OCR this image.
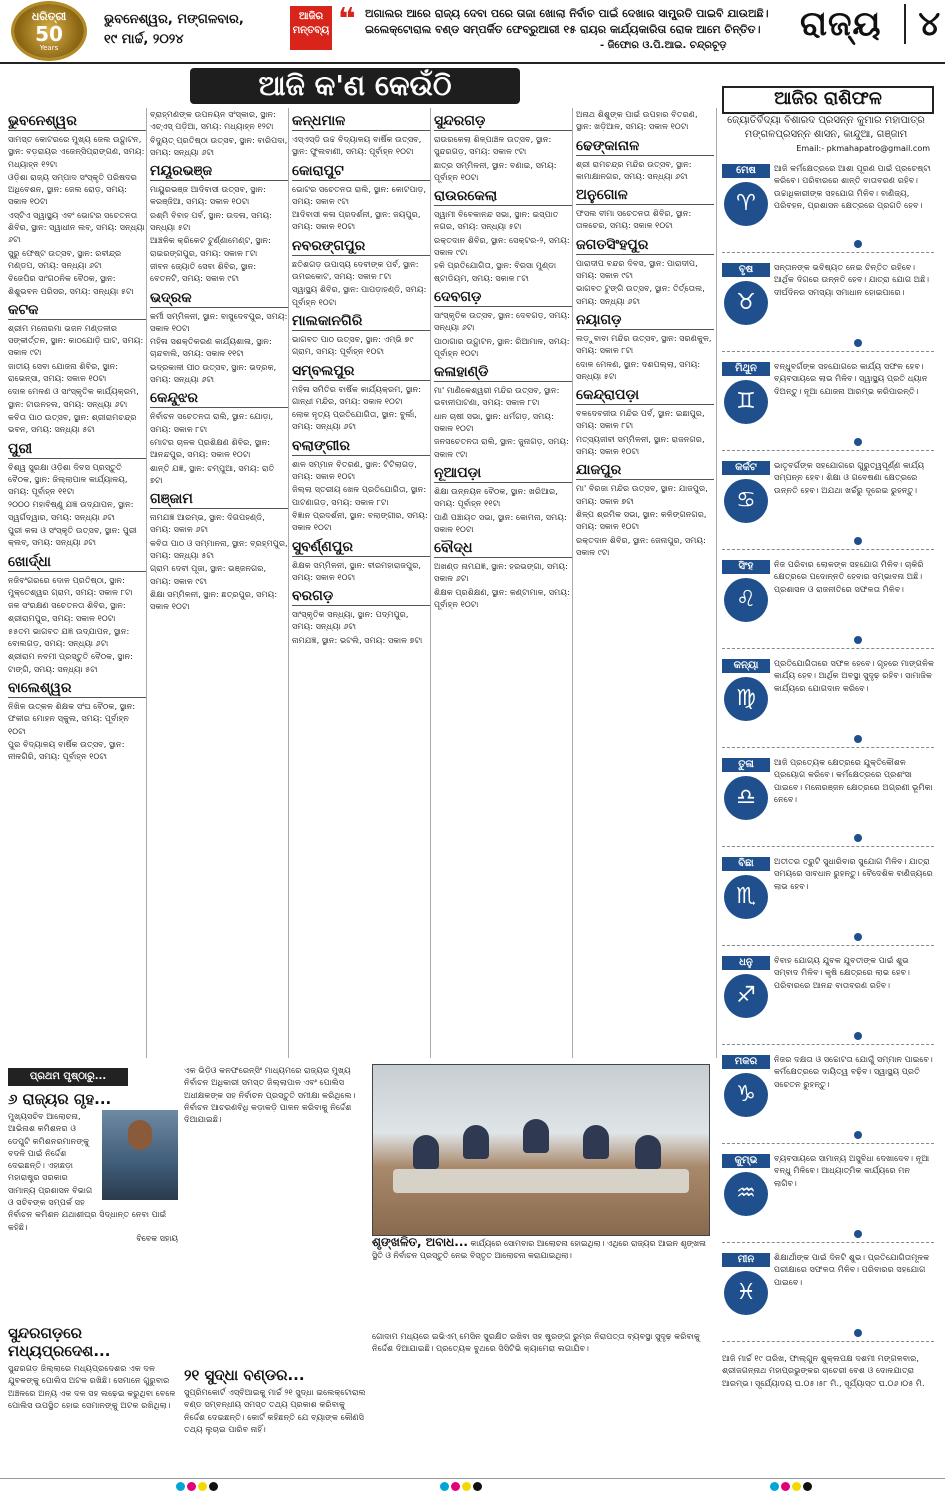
ଧରିତ୍ରୀ
50
Years
ଭୁବନେଶ୍ୱର, ମଙ୍ଗଳବାର,
୧୯ ମାର୍ଚ୍ଚ, ୨୦୨୪
ଆଜିର ମନ୍ତବ୍ୟ ❝ ଅଗାଲର ଆରେ ରାଜ୍ୟ ଦେବା ପରେ ତାଜା ଖୋଲା ନିର୍ବାଚ ପାଇଁ ଦେଖାର ସାମ୍ପ୍ରତି ପାଇବି ଯାଉଅଛି। ଇଲେକ୍ଟୋରାଲ ବଣ୍ଡ ସମ୍ପର୍କିତ ଫେବ୍ରୁଆରୀ ୧୫ ରାୟର କାର୍ଯ୍ୟକାରିତା ରୋକ ଆମେ ଚିନ୍ତିତ।
- ଜିଫୋର ଓ.ପି.ଆଇ. ଚନ୍ଦ୍ରଚୂଡ଼
ରାଜ୍ୟ ୪
ଆଜି କ'ଣ କେଉଁଠି
ଭୁବନେଶ୍ୱର

ସାମସ୍ତ କୋଟରରେ ମୁଖ୍ୟ ଜେଲ ଉଦ୍ଘାଟନ, ସ୍ଥାନ: ବଡ଼ରାୟର ଏଜେନ୍ସିପ୍ରାଙ୍ଗଣ, ସମୟ: ମଧ୍ୟାହ୍ନ ୧୨ଟା

ଓଡ଼ିଶା ରାଜ୍ୟ ସମ୍ପାଦ ସଂସ୍କୃତି ପରିଷଦର ଅଧିବେଶନ, ସ୍ଥାନ: ଜେଲ ରୋଡ଼, ସମୟ: ସକାଳ ୧୦ଟା

ଏସ୍‌ଟିଏ ସ୍ୱାସ୍ଥ୍ୟ ଏବଂ ଭୋଟର ସଚେତନତା ଶିବିର, ସ୍ଥାନ: ସ୍ୱାଧୀନ ଲବ୍, ସମୟ: ସନ୍ଧ୍ୟା ୬ଟା

ସୁରୁ ଫେଷ୍ଟ ଉତ୍ସବ, ସ୍ଥାନ: ରବୀନ୍ଦ୍ର ମଣ୍ଡପ, ସମୟ: ସନ୍ଧ୍ୟା ୬ଟା

ବିଜେପିର ସାଂଗଠନିକ ବୈଠକ, ସ୍ଥାନ: ଶିଶୁଭବନ ପରିସର, ସମୟ: ସନ୍ଧ୍ୟା ୫ଟା

କଟକ

ଶ୍ରୀମ ମନୋରମା ଭଜନ ମଣ୍ଡଳୀର ସଙ୍କୀର୍ତ୍ତନ, ସ୍ଥାନ: କାଠଯୋଡ଼ି ଘାଟ, ସମୟ: ସକାଳ ୯ଟା

ଜାତୀୟ ସେବା ଯୋଜନା ଶିବିର, ସ୍ଥାନ: ରାଭେନ୍ସା, ସମୟ: ସକାଳ ୧୦ଟା

ଦୋଳ ମେଳଣ ଓ ସାଂସ୍କୃତିକ କାର୍ଯ୍ୟକ୍ରମ, ସ୍ଥାନ: ଟାଉନହଲ, ସମୟ: ସନ୍ଧ୍ୟା ୬ଟା

କବିତା ପାଠ ଉତ୍ସବ, ସ୍ଥାନ: ଶ୍ରୀରାମଚନ୍ଦ୍ର ଭବନ, ସମୟ: ସନ୍ଧ୍ୟା ୫ଟା

ପୁରୀ

ବିଶ୍ୱ ସୁରକ୍ଷା ଓଡ଼ିଶା ଦିବସ ପ୍ରସ୍ତୁତି ବୈଠକ, ସ୍ଥାନ: ଜିଲ୍ଲାପାଳ କାର୍ଯ୍ୟାଳୟ, ସମୟ: ପୂର୍ବାହ୍ନ ୧୧ଟା

୨୦୦୦ ମହାବିଷ୍ଣୁ ଯଜ୍ଞ ଉଦ୍ଯାପନ, ସ୍ଥାନ: ସ୍ୱର୍ଗଦ୍ୱାର, ସମୟ: ସନ୍ଧ୍ୟା ୬ଟା

ପୁରୀ କଳା ଓ ସଂସ୍କୃତି ଉତ୍ସବ, ସ୍ଥାନ: ପୁରୀ କ୍ଲବ୍, ସମୟ: ସନ୍ଧ୍ୟା ୬ଟା

ଖୋର୍ଦ୍ଧା

ନଜିବଂଗରରେ ଦୋଳ ପ୍ରତିଷ୍ଠା, ସ୍ଥାନ: ମୁକ୍ତେଶ୍ୱର ଗ୍ରାମ, ସମୟ: ସକାଳ ୮ଟା

ଜଳ ସଂରକ୍ଷଣ ସଚେତନତା ଶିବିର, ସ୍ଥାନ: ଶ୍ରୀରାମପୁର, ସମୟ: ସକାଳ ୧୦ଟା

୫୫ତମ ଭାଗବତ ଯଜ୍ଞ ଉଦ୍ଯାପନ, ସ୍ଥାନ: ବୋଲଗଡ଼, ସମୟ: ସନ୍ଧ୍ୟା ୬ଟା

ଶ୍ରୀରାମ ନବମୀ ପ୍ରସ୍ତୁତି ବୈଠକ, ସ୍ଥାନ: ଟାଙ୍ଗି, ସମୟ: ସନ୍ଧ୍ୟା ୫ଟା

ବାଲେଶ୍ୱର

ନିଖିଳ ଉତ୍କଳ ଶିକ୍ଷକ ସଂଘ ବୈଠକ, ସ୍ଥାନ: ଫକୀର ମୋହନ ସ୍କୁଲ, ସମୟ: ପୂର୍ବାହ୍ନ ୧୦ଟା

ପୁର ବିଦ୍ୟାଳୟ ବାର୍ଷିକ ଉତ୍ସବ, ସ୍ଥାନ: ନୀଳଗିରି, ସମୟ: ପୂର୍ବାହ୍ନ ୧୦ଟା

ବ୍ରାହ୍ମଣଙ୍କ ଉପନୟନ ସଂସ୍କାର, ସ୍ଥାନ: ଏଚ୍‌ଏସ୍‌ ପଡ଼ିଆ, ସମୟ: ମଧ୍ୟାହ୍ନ ୧୨ଟା

ବିଦ୍ୟୁତ୍‌ ପ୍ରତିଷ୍ଠା ଉତ୍ସବ, ସ୍ଥାନ: ବାରିପଦା, ସମୟ: ସନ୍ଧ୍ୟା ୬ଟା

ମୟୂରଭଞ୍ଜ

ମାୟୁରଭଞ୍ଜ ଆଦିବାସୀ ଉତ୍ସବ, ସ୍ଥାନ: କରଞ୍ଜିଆ, ସମୟ: ସକାଳ ୧୦ଟା

ରଶ୍ମି ବିବାହ ପର୍ବ, ସ୍ଥାନ: ଉଦଳା, ସମୟ: ସନ୍ଧ୍ୟା ୫ଟା

ଆଞ୍ଚଳିକ କ୍ରିକେଟ ଟୁର୍ଣ୍ଣାମେଣ୍ଟ, ସ୍ଥାନ: ରାଇରଙ୍ଗପୁର, ସମୟ: ସକାଳ ୮ଟା

ଜୀବନ ଜ୍ୟୋତି ସେବା ଶିବିର, ସ୍ଥାନ: ବେତନଟି, ସମୟ: ସକାଳ ୯ଟା

ଭଦ୍ରକ

କର୍ମୀ ସମ୍ମିଳନୀ, ସ୍ଥାନ: ବାସୁଦେବପୁର, ସମୟ: ସକାଳ ୧୦ଟା

ମହିଳା ସଶକ୍ତିକରଣ କାର୍ଯ୍ୟଶାଳା, ସ୍ଥାନ: ଚାନ୍ଦବାଲି, ସମୟ: ସକାଳ ୧୧ଟା

ଭଦ୍ରକାଳୀ ପୀଠ ଉତ୍ସବ, ସ୍ଥାନ: ଭଦ୍ରକ, ସମୟ: ସନ୍ଧ୍ୟା ୬ଟା

କେନ୍ଦୁଝର

ନିର୍ବାଚନ ସଚେତନତା ରାଲି, ସ୍ଥାନ: ଯୋଡ଼ା, ସମୟ: ସକାଳ ୮ଟା

ମୋଟର ଚାଳକ ପ୍ରଶିକ୍ଷଣ ଶିବିର, ସ୍ଥାନ: ଆନନ୍ଦପୁର, ସମୟ: ସକାଳ ୧୦ଟା

ଶାନ୍ତି ଯଜ୍ଞ, ସ୍ଥାନ: ଚମ୍ପୁଆ, ସମୟ: ରାତି ୭ଟା

ଗଞ୍ଜାମ

ନାମଯଜ୍ଞ ଆରମ୍ଭ, ସ୍ଥାନ: ଦିଗପହଣ୍ଡି, ସମୟ: ସକାଳ ୬ଟା

କବିତା ପାଠ ଓ ସମ୍ମାନନା, ସ୍ଥାନ: ବ୍ରହ୍ମପୁର, ସମୟ: ସନ୍ଧ୍ୟା ୫ଟା

ଗ୍ରାମ ଦେବୀ ପୂଜା, ସ୍ଥାନ: ଭଞ୍ଜନଗର, ସମୟ: ସକାଳ ୯ଟା

ଶିକ୍ଷା ସମ୍ମିଳନୀ, ସ୍ଥାନ: ଛତ୍ରପୁର, ସମୟ: ସକାଳ ୧୦ଟା

କନ୍ଧମାଳ

ଏସ୍‌ଏସ୍‌ଡି ଉଚ୍ଚ ବିଦ୍ୟାଳୟ ବାର୍ଷିକ ଉତ୍ସବ, ସ୍ଥାନ: ଫୁଲବାଣୀ, ସମୟ: ପୂର୍ବାହ୍ନ ୧୦ଟା

କୋରାପୁଟ

ଭୋଟର ସଚେତନତା ରାଲି, ସ୍ଥାନ: କୋଟପାଡ଼, ସମୟ: ସକାଳ ୯ଟା

ଆଦିବାସୀ କଳା ପ୍ରଦର୍ଶନୀ, ସ୍ଥାନ: ଜୟପୁର, ସମୟ: ସକାଳ ୧୦ଟା

ନବରଙ୍ଗପୁର

ଛତିଶଗଡ଼ ଉପାସ୍ୟ ଦେବୀଙ୍କ ପର୍ବ, ସ୍ଥାନ: ଉମରକୋଟ, ସମୟ: ସକାଳ ୮ଟା

ସ୍ୱାସ୍ଥ୍ୟ ଶିବିର, ସ୍ଥାନ: ପାପଡ଼ାହଣ୍ଡି, ସମୟ: ପୂର୍ବାହ୍ନ ୧୦ଟା

ମାଲକାନଗିରି

ଭାଗବତ ପାଠ ଉତ୍ସବ, ସ୍ଥାନ: ଏମ୍‌ଭି ୭୯ ଗ୍ରାମ, ସମୟ: ପୂର୍ବାହ୍ନ ୧୦ଟା

ସମ୍ବଲପୁର

ମହିଳା ସମିତିର ବାର୍ଷିକ କାର୍ଯ୍ୟକ୍ରମ, ସ୍ଥାନ: ଗାନ୍ଧୀ ମନ୍ଦିର, ସମୟ: ସକାଳ ୧୦ଟା

ଲୋକ ନୃତ୍ୟ ପ୍ରତିଯୋଗିତା, ସ୍ଥାନ: ବୁର୍ଲା, ସମୟ: ସନ୍ଧ୍ୟା ୬ଟା

ବଲାଙ୍ଗୀର

ଶାଳ ସମ୍ମାନ ବିତରଣ, ସ୍ଥାନ: ଟିଟିଲାଗଡ଼, ସମୟ: ସକାଳ ୧୦ଟା

ଜିଲ୍ଲା ସ୍ତରୀୟ ଖେଳ ପ୍ରତିଯୋଗିତା, ସ୍ଥାନ: ପାଟଣାଗଡ଼, ସମୟ: ସକାଳ ୮ଟା

ବିଜ୍ଞାନ ପ୍ରଦର୍ଶନୀ, ସ୍ଥାନ: ବଲାଙ୍ଗୀର, ସମୟ: ସକାଳ ୧୦ଟା

ସୁବର୍ଣ୍ଣପୁର

ଶିକ୍ଷକ ସମ୍ମିଳନୀ, ସ୍ଥାନ: ବୀରମହାରାଜପୁର, ସମୟ: ସକାଳ ୧୦ଟା

ବରଗଡ଼

ସାଂସ୍କୃତିକ ସନ୍ଧ୍ୟା, ସ୍ଥାନ: ପଦ୍ମପୁର, ସମୟ: ସନ୍ଧ୍ୟା ୬ଟା

ନାମଯଜ୍ଞ, ସ୍ଥାନ: ଭଟଲି, ସମୟ: ସକାଳ ୭ଟା

ସୁନ୍ଦରଗଡ଼

ରାଉରକେଲା ଶିଳ୍ପାଞ୍ଚଳ ଉତ୍ସବ, ସ୍ଥାନ: ସୁନ୍ଦରଗଡ଼, ସମୟ: ସକାଳ ୯ଟା

ଛାତ୍ର ସମ୍ମିଳନୀ, ସ୍ଥାନ: ବଣାଇ, ସମୟ: ପୂର୍ବାହ୍ନ ୧୦ଟା

ରାଉରକେଲା

ସ୍ୱାମୀ ବିବେକାନନ୍ଦ ସଭା, ସ୍ଥାନ: ଇସ୍ପାତ ନଗର, ସମୟ: ସନ୍ଧ୍ୟା ୫ଟା

ରକ୍ତଦାନ ଶିବିର, ସ୍ଥାନ: ସେକ୍ଟର-୨, ସମୟ: ସକାଳ ୯ଟା

ହକି ପ୍ରତିଯୋଗିତା, ସ୍ଥାନ: ବିରସା ମୁଣ୍ଡା ଷ୍ଟାଡିୟମ, ସମୟ: ସକାଳ ୮ଟା

ଦେବଗଡ଼

ସାଂସ୍କୃତିକ ଉତ୍ସବ, ସ୍ଥାନ: ଦେବଗଡ଼, ସମୟ: ସନ୍ଧ୍ୟା ୬ଟା

ପାଠାଗାର ଉଦ୍ଘାଟନ, ସ୍ଥାନ: ରିଆମାଳ, ସମୟ: ପୂର୍ବାହ୍ନ ୧୦ଟା

କଳାହାଣ୍ଡି

ମା' ମାଣିକେଶ୍ୱରୀ ମନ୍ଦିର ଉତ୍ସବ, ସ୍ଥାନ: ଭବାନୀପାଟଣା, ସମୟ: ସକାଳ ୮ଟା

ଧାନ ଚାଷୀ ସଭା, ସ୍ଥାନ: ଧର୍ମଗଡ଼, ସମୟ: ସକାଳ ୧୦ଟା

ଜନସଚେତନତା ରାଲି, ସ୍ଥାନ: ଜୁନାଗଡ଼, ସମୟ: ସକାଳ ୯ଟା

ନୂଆପଡ଼ା

ଶିକ୍ଷା ଉନ୍ନୟନ ବୈଠକ, ସ୍ଥାନ: ଖରିଆର, ସମୟ: ପୂର୍ବାହ୍ନ ୧୧ଟା

ପାଣି ପଞ୍ଚାୟତ ସଭା, ସ୍ଥାନ: କୋମନା, ସମୟ: ସକାଳ ୧୦ଟା

ବୌଦ୍ଧ

ଅଖଣ୍ଡ ନାମଯଜ୍ଞ, ସ୍ଥାନ: ହରଭଙ୍ଗା, ସମୟ: ସକାଳ ୬ଟା

ଶିକ୍ଷକ ପ୍ରଶିକ୍ଷଣ, ସ୍ଥାନ: କଣ୍ଟାମାଳ, ସମୟ: ପୂର୍ବାହ୍ନ ୧୦ଟା

ଅନାଥ ଶିଶୁଙ୍କ ପାଇଁ ଉପହାର ବିତରଣ, ସ୍ଥାନ: ଖଡ଼ିଆଳ, ସମୟ: ସକାଳ ୧୦ଟା

ଢେଙ୍କାନାଳ

ଶ୍ରୀ ରାମଚନ୍ଦ୍ର ମନ୍ଦିର ଉତ୍ସବ, ସ୍ଥାନ: କାମାକ୍ଷାନଗର, ସମୟ: ସନ୍ଧ୍ୟା ୬ଟା

ଅନୁଗୋଳ

ଫସଲ ବୀମା ସଚେତନତା ଶିବିର, ସ୍ଥାନ: ତାଳଚେର, ସମୟ: ସକାଳ ୧୦ଟା

ଜଗତସିଂହପୁର

ପାରାଦୀପ ବନ୍ଦର ଦିବସ, ସ୍ଥାନ: ପାରାଦୀପ, ସମୟ: ସକାଳ ୯ଟା

ଭାଗବତ ଟୁଙ୍ଗି ଉତ୍ସବ, ସ୍ଥାନ: ତିର୍ତ୍ତୋଲ, ସମୟ: ସନ୍ଧ୍ୟା ୬ଟା

ନୟାଗଡ଼

ଲଡ଼ୁବାବା ମନ୍ଦିର ଉତ୍ସବ, ସ୍ଥାନ: ସରଣକୁଳ, ସମୟ: ସକାଳ ୮ଟା

ଦୋଳ ମେଳଣ, ସ୍ଥାନ: ଦଶପଲ୍ଲା, ସମୟ: ସନ୍ଧ୍ୟା ୫ଟା

କେନ୍ଦ୍ରାପଡ଼ା

ବଳଦେବଜୀଉ ମନ୍ଦିର ପର୍ବ, ସ୍ଥାନ: ଇଛାପୁର, ସମୟ: ସକାଳ ୮ଟା

ମତ୍ସ୍ୟଜୀବୀ ସମ୍ମିଳନୀ, ସ୍ଥାନ: ରାଜନଗର, ସମୟ: ସକାଳ ୧୦ଟା

ଯାଜପୁର

ମା' ବିରଜା ମନ୍ଦିର ଉତ୍ସବ, ସ୍ଥାନ: ଯାଜପୁର, ସମୟ: ସକାଳ ୭ଟା

ଶିଳ୍ପ ଶ୍ରମିକ ସଭା, ସ୍ଥାନ: କଳିଙ୍ଗନଗର, ସମୟ: ସକାଳ ୧୦ଟା

ରକ୍ତଦାନ ଶିବିର, ସ୍ଥାନ: ଜେନାପୁର, ସମୟ: ସକାଳ ୯ଟା

ପ୍ରଥମ ପୃଷ୍ଠାରୁ...
୬ ରାଜ୍ୟର ଗୃହ...
ମୁଖ୍ୟସଚିବ ଆଲୋଚନା, ଆଭିନାଶ କମିଶନର ଓ ଡେପୁଟି କମିଶନରମାନଙ୍କୁ ବଦଳି ପାଇଁ ନିର୍ଦ୍ଦେଶ ଦେଇଛନ୍ତି। ଏହାଛଡ଼ା ମହାରାଷ୍ଟ୍ର ସରକାର ସାମାନ୍ୟ ପ୍ରଶାସନ ବିଭାଗ ଓ ସଚିବଙ୍କ ସମ୍ପର୍କ ସହ ନିର୍ବାଚନ କମିଶନ ଯଥାଶୀଘ୍ର ସିଦ୍ଧାନ୍ତ ନେବା ପାଇଁ କହିଛି।
ବିବେକ ସହାୟ
ସୁନ୍ଦରଗଡ଼ରେ ମଧ୍ୟପ୍ରଦେଶ...
ସୁନ୍ଦରଗଡ଼ ଜିଲ୍ଲାରେ ମଧ୍ୟପ୍ରଦେଶର ଏକ ଦଳ ଯୁବକଙ୍କୁ ପୋଲିସ ଅଟକ ରଖିଛି। ସେମାନେ ଗୁରୁବାର ଅଞ୍ଚଳରେ ଅନ୍ୟ ଏକ ଦଳ ସହ ଲଢ଼େଇ କରୁଥିବା ବେଳେ ପୋଲିସ ଉପସ୍ଥିତ ହୋଇ ସେମାନଙ୍କୁ ଅଟକ ରଖିଥିଲା।
ଏକ ଭିଡ଼ିଓ କନଫରେନ୍ସିଂ ମାଧ୍ୟମରେ ରାଜ୍ୟର ମୁଖ୍ୟ ନିର୍ବାଚନ ଅଧିକାରୀ ସମସ୍ତ ଜିଲ୍ଲାପାଳ ଏବଂ ପୋଲିସ ଅଧୀକ୍ଷକଙ୍କ ସହ ନିର୍ବାଚନ ପ୍ରସ୍ତୁତି ସମୀକ୍ଷା କରିଥିଲେ। ନିର୍ବାଚନ ଆଚରଣବିଧି କଡ଼ାକଡ଼ି ପାଳନ କରିବାକୁ ନିର୍ଦ୍ଦେଶ ଦିଆଯାଇଛି।
୨୧ ସୁଦ୍ଧା ବଣ୍ଡର...
ସୁପ୍ରିମକୋର୍ଟ ଏସ୍‌ବିଆଇକୁ ମାର୍ଚ୍ଚ ୨୧ ସୁଦ୍ଧା ଇଲେକ୍ଟୋରାଲ ବଣ୍ଡ ସମ୍ବନ୍ଧୀୟ ସମସ୍ତ ତଥ୍ୟ ପ୍ରକାଶ କରିବାକୁ ନିର୍ଦ୍ଦେଶ ଦେଇଛନ୍ତି। କୋର୍ଟ କହିଛନ୍ତି ଯେ ବ୍ୟାଙ୍କ କୌଣସି ତଥ୍ୟ ଲୁଚାଇ ପାରିବ ନାହିଁ।
ଶୃଙ୍ଖଳିତ, ଅବାଧ... କାର୍ଯ୍ୟରେ ସୋମବାର ଆଲୋଚନା ହୋଇଥିଲା। ଏଥିରେ ରାଜ୍ୟର ଆଇନ ଶୃଙ୍ଖଳା ସ୍ଥିତି ଓ ନିର୍ବାଚନ ପ୍ରସ୍ତୁତି ନେଇ ବିସ୍ତୃତ ଆଲୋଚନା କରାଯାଇଥିଲା।
ଗୋଦାମ ମଧ୍ୟରେ ଇଭିଏମ୍ ମେସିନ ସୁରକ୍ଷିତ ରଖିବା ସହ ଷ୍ଟ୍ରଙ୍ଗ ରୁମ୍‌ର ନିରାପତ୍ତା ବ୍ୟବସ୍ଥା ସୁଦୃଢ଼ କରିବାକୁ ନିର୍ଦ୍ଦେଶ ଦିଆଯାଇଛି। ପ୍ରତ୍ୟେକ ବୁଥରେ ସିସିଟିଭି କ୍ୟାମେରା ଲଗାଯିବ।
ଆଜିର ରାଶିଫଳ
ଜ୍ୟୋତିର୍ବିଦ୍ୟା ବିଶାରଦ ପ୍ରସନ୍ନ କୁମାର ମହାପାତ୍ର
ମଙ୍ଗଳପ୍ରସନ୍ନ ଶାସନ, କାନ୍ଦୁଆ, ଗଞ୍ଜାମ
Email:- pkmahapatro@gmail.com
ମେଷ
♈
ଆଜି କର୍ମକ୍ଷେତ୍ରରେ ଆଶା ପୂରଣ ପାଇଁ ପ୍ରଚେଷ୍ଟା କରିବେ। ପରିବାରରେ ଶାନ୍ତି ବାତାବରଣ ରହିବ। ଉଚ୍ଚାଧିକାରୀଙ୍କ ସହଯୋଗ ମିଳିବ। ବାଣିଜ୍ୟ, ପରିବହନ, ପ୍ରଶାସନ କ୍ଷେତ୍ରରେ ପ୍ରଗତି ହେବ।
ବୃଷ
♉
ସନ୍ତାନଙ୍କ ଭବିଷ୍ୟତ ନେଇ ଚିନ୍ତିତ ରହିବେ। ଆର୍ଥିକ ଦିଗରେ ଉନ୍ନତି ହେବ। ଯାତ୍ରା ଯୋଗ ଅଛି। ଦୀର୍ଘଦିନର ସମସ୍ୟା ସମାଧାନ ହୋଇପାରେ।
ମିଥୁନ
♊
ବନ୍ଧୁବର୍ଗଙ୍କ ସହଯୋଗରେ କାର୍ଯ୍ୟ ସଫଳ ହେବ। ବ୍ୟବସାୟରେ ଲାଭ ମିଳିବ। ସ୍ୱାସ୍ଥ୍ୟ ପ୍ରତି ଧ୍ୟାନ ଦିଅନ୍ତୁ। ନୂଆ ଯୋଜନା ଆରମ୍ଭ କରିପାରନ୍ତି।
କର୍କଟ
♋
ଭାତୃବର୍ଗଙ୍କ ସହଯୋଗରେ ଗୁରୁତ୍ୱପୂର୍ଣ୍ଣ କାର୍ଯ୍ୟ ସମ୍ପନ୍ନ ହେବ। ଶିକ୍ଷା ଓ ଗବେଷଣା କ୍ଷେତ୍ରରେ ଉନ୍ନତି ହେବ। ଅଯଥା ଖର୍ଚ୍ଚରୁ ଦୂରେଇ ରୁହନ୍ତୁ।
ସିଂହ
♌
ନିଜ ପରିବାର ଲୋକଙ୍କ ସହଯୋଗ ମିଳିବ। ଚାକିରି କ୍ଷେତ୍ରରେ ପଦୋନ୍ନତି ହେବାର ସମ୍ଭାବନା ଅଛି। ପ୍ରଶାସନ ଓ ରାଜନୀତିରେ ସଫଳତା ମିଳିବ।
କନ୍ୟା
♍
ପ୍ରତିଯୋଗିତାରେ ସଫଳ ହେବେ। ଗୃହରେ ମାଙ୍ଗଳିକ କାର୍ଯ୍ୟ ହେବ। ଆର୍ଥିକ ଅବସ୍ଥା ସୁଦୃଢ଼ ରହିବ। ସାମାଜିକ କାର୍ଯ୍ୟରେ ଯୋଗଦାନ କରିବେ।
ତୁଳା
♎
ଆଜି ପ୍ରତ୍ୟେକ କ୍ଷେତ୍ରରେ ଯୁକ୍ତିକୌଶଳ ପ୍ରୟୋଗ କରିବେ। କର୍ମକ୍ଷେତ୍ରରେ ପ୍ରଶଂସା ପାଇବେ। ମନୋରଞ୍ଜନ କ୍ଷେତ୍ରରେ ଅଗ୍ରଣୀ ଭୂମିକା ନେବେ।
ବିଛା
♏
ଅତୀତର ତ୍ରୁଟି ସୁଧାରିବାର ସୁଯୋଗ ମିଳିବ। ଯାତ୍ରା ସମୟରେ ସାବଧାନ ରୁହନ୍ତୁ। ବୈଦେଶିକ ବାଣିଜ୍ୟରେ ଲାଭ ହେବ।
ଧନୁ
♐
ବିବାହ ଯୋଗ୍ୟ ଯୁବକ ଯୁବତୀଙ୍କ ପାଇଁ ଶୁଭ ସମ୍ବାଦ ମିଳିବ। କୃଷି କ୍ଷେତ୍ରରେ ଲାଭ ହେବ। ପରିବାରରେ ଆନନ୍ଦ ବାତାବରଣ ରହିବ।
ମକର
♑
ନିଜର ଦକ୍ଷତା ଓ ସଚ୍ଚୋଟତା ଯୋଗୁଁ ସମ୍ମାନ ପାଇବେ। କର୍ମକ୍ଷେତ୍ରରେ ଦାୟିତ୍ୱ ବଢ଼ିବ। ସ୍ୱାସ୍ଥ୍ୟ ପ୍ରତି ସଚେତନ ରୁହନ୍ତୁ।
କୁମ୍ଭ
♒
ବ୍ୟବସାୟରେ ସାମାନ୍ୟ ଅସୁବିଧା ଦେଖାଦେବ। ନୂଆ ବନ୍ଧୁ ମିଳିବେ। ଆଧ୍ୟାତ୍ମିକ କାର୍ଯ୍ୟରେ ମନ ଲାଗିବ।
ମୀନ
♓
ଶିକ୍ଷାର୍ଥୀଙ୍କ ପାଇଁ ଦିନଟି ଶୁଭ। ପ୍ରତିଯୋଗିତାମୂଳକ ପରୀକ୍ଷାରେ ସଫଳତା ମିଳିବ। ପରିବାରର ସହଯୋଗ ପାଇବେ।
ଆଜି ମାର୍ଚ୍ଚ ୧୯ ତାରିଖ, ଫାଲ୍ଗୁନ ଶୁକ୍ଲପକ୍ଷ ଦଶମୀ ମଙ୍ଗଳବାର, ଶ୍ରୀଜଗନ୍ନାଥ ମହାପ୍ରଭୁଙ୍କର ଚାଚେରୀ ବେଶ ଓ ଦୋଳଯାତ୍ରା ଆରମ୍ଭ। ସୂର୍ଯ୍ୟୋଦୟ ଘ.୦୫।୫୮ ମି., ସୂର୍ଯ୍ୟାସ୍ତ ଘ.୦୬।୦୫ ମି.
